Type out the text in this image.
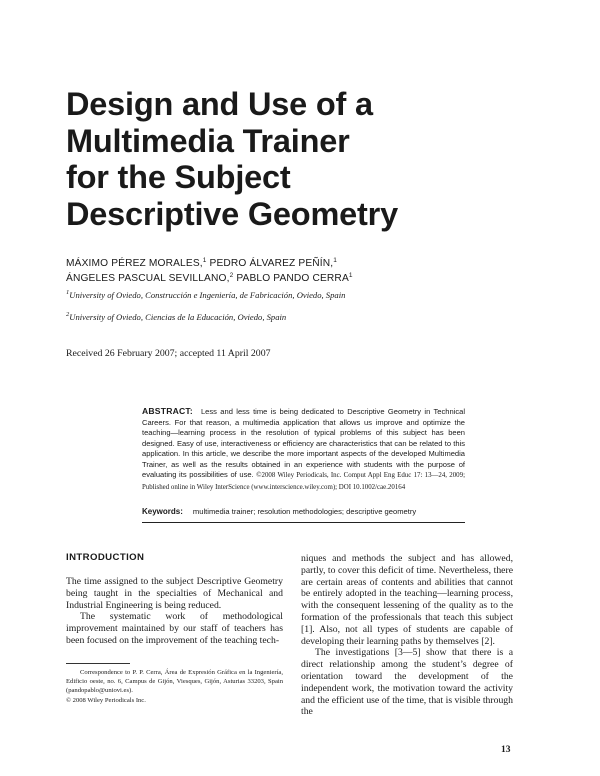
Design and Use of a
Multimedia Trainer
for the Subject
Descriptive Geometry
MÁXIMO PÉREZ MORALES,$^1$ PEDRO ÁLVAREZ PEÑÍN,$^1$
ÁNGELES PASCUAL SEVILLANO,$^2$ PABLO PANDO CERRA$^1$
$^1$University of Oviedo, Construcción e Ingeniería, de Fabricación, Oviedo, Spain
$^2$University of Oviedo, Ciencias de la Educación, Oviedo, Spain
Received 26 February 2007; accepted 11 April 2007
ABSTRACT: Less and less time is being dedicated to Descriptive Geometry in Technical Careers. For that reason, a multimedia application that allows us improve and optimize the teaching—learning process in the resolution of typical problems of this subject has been designed. Easy of use, interactiveness or efficiency are characteristics that can be related to this application. In this article, we describe the more important aspects of the developed Multimedia Trainer, as well as the results obtained in an experience with students with the purpose of evaluating its possibilities of use. ©2008 Wiley Periodicals, Inc. Comput Appl Eng Educ 17: 13—24, 2009; Published online in Wiley InterScience (www.interscience.wiley.com); DOI 10.1002/cae.20164
Keywords: multimedia trainer; resolution methodologies; descriptive geometry
INTRODUCTION

The time assigned to the subject Descriptive Geometry being taught in the specialties of Mechanical and Industrial Engineering is being reduced.

The systematic work of methodological improvement maintained by our staff of teachers has been focused on the improvement of the teaching tech-

niques and methods the subject and has allowed, partly, to cover this deficit of time. Nevertheless, there are certain areas of contents and abilities that cannot be entirely adopted in the teaching—learning process, with the consequent lessening of the quality as to the formation of the professionals that teach this subject [1]. Also, not all types of students are capable of developing their learning paths by themselves [2].

The investigations [3—5] show that there is a direct relationship among the student’s degree of orientation toward the development of the independent work, the motivation toward the activity and the efficient use of the time, that is visible through the

Correspondence to P. P. Cerra, Área de Expresión Gráfica en la Ingeniería, Edificio oeste, no. 6, Campus de Gijón, Viesques, Gijón, Asturias 33203, Spain (pandopablo@uniovi.es).

© 2008 Wiley Periodicals Inc.

13
